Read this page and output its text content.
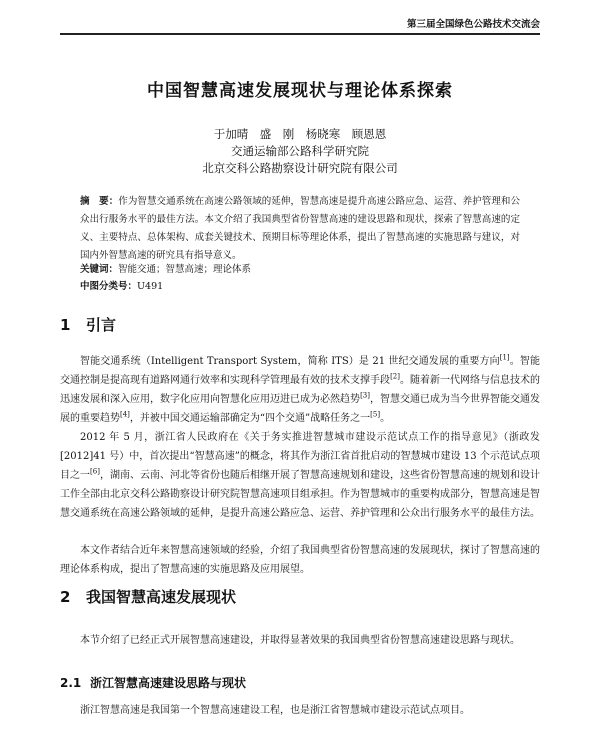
第三届全国绿色公路技术交流会
中国智慧高速发展现状与理论体系探索
于加晴　盛　刚　杨晓寒　顾恩恩
交通运输部公路科学研究院
北京交科公路勘察设计研究院有限公司
摘　要：作为智慧交通系统在高速公路领域的延伸，智慧高速是提升高速公路应急、运营、养护管理和公众出行服务水平的最佳方法。本文介绍了我国典型省份智慧高速的建设思路和现状，探索了智慧高速的定义、主要特点、总体架构、成套关键技术、预期目标等理论体系，提出了智慧高速的实施思路与建议，对国内外智慧高速的研究具有指导意义。
关键词：智能交通；智慧高速；理论体系
中图分类号：U491
1 引言

智能交通系统（Intelligent Transport System，简称 ITS）是 21 世纪交通发展的重要方向[1]。智能交通控制是提高现有道路网通行效率和实现科学管理最有效的技术支撑手段[2]。随着新一代网络与信息技术的迅速发展和深入应用，数字化应用向智慧化应用迈进已成为必然趋势[3]，智慧交通已成为当今世界智能交通发展的重要趋势[4]，并被中国交通运输部确定为“四个交通”战略任务之一[5]。

2012 年 5 月，浙江省人民政府在《关于务实推进智慧城市建设示范试点工作的指导意见》（浙政发[2012]41 号）中，首次提出“智慧高速”的概念，将其作为浙江省首批启动的智慧城市建设 13 个示范试点项目之一[6]，湖南、云南、河北等省份也随后相继开展了智慧高速规划和建设，这些省份智慧高速的规划和设计工作全部由北京交科公路勘察设计研究院智慧高速项目组承担。作为智慧城市的重要构成部分，智慧高速是智慧交通系统在高速公路领域的延伸，是提升高速公路应急、运营、养护管理和公众出行服务水平的最佳方法。

本文作者结合近年来智慧高速领域的经验，介绍了我国典型省份智慧高速的发展现状，探讨了智慧高速的理论体系构成，提出了智慧高速的实施思路及应用展望。

2 我国智慧高速发展现状

本节介绍了已经正式开展智慧高速建设，并取得显著效果的我国典型省份智慧高速建设思路与现状。

2.1 浙江智慧高速建设思路与现状

浙江智慧高速是我国第一个智慧高速建设工程，也是浙江省智慧城市建设示范试点项目。
